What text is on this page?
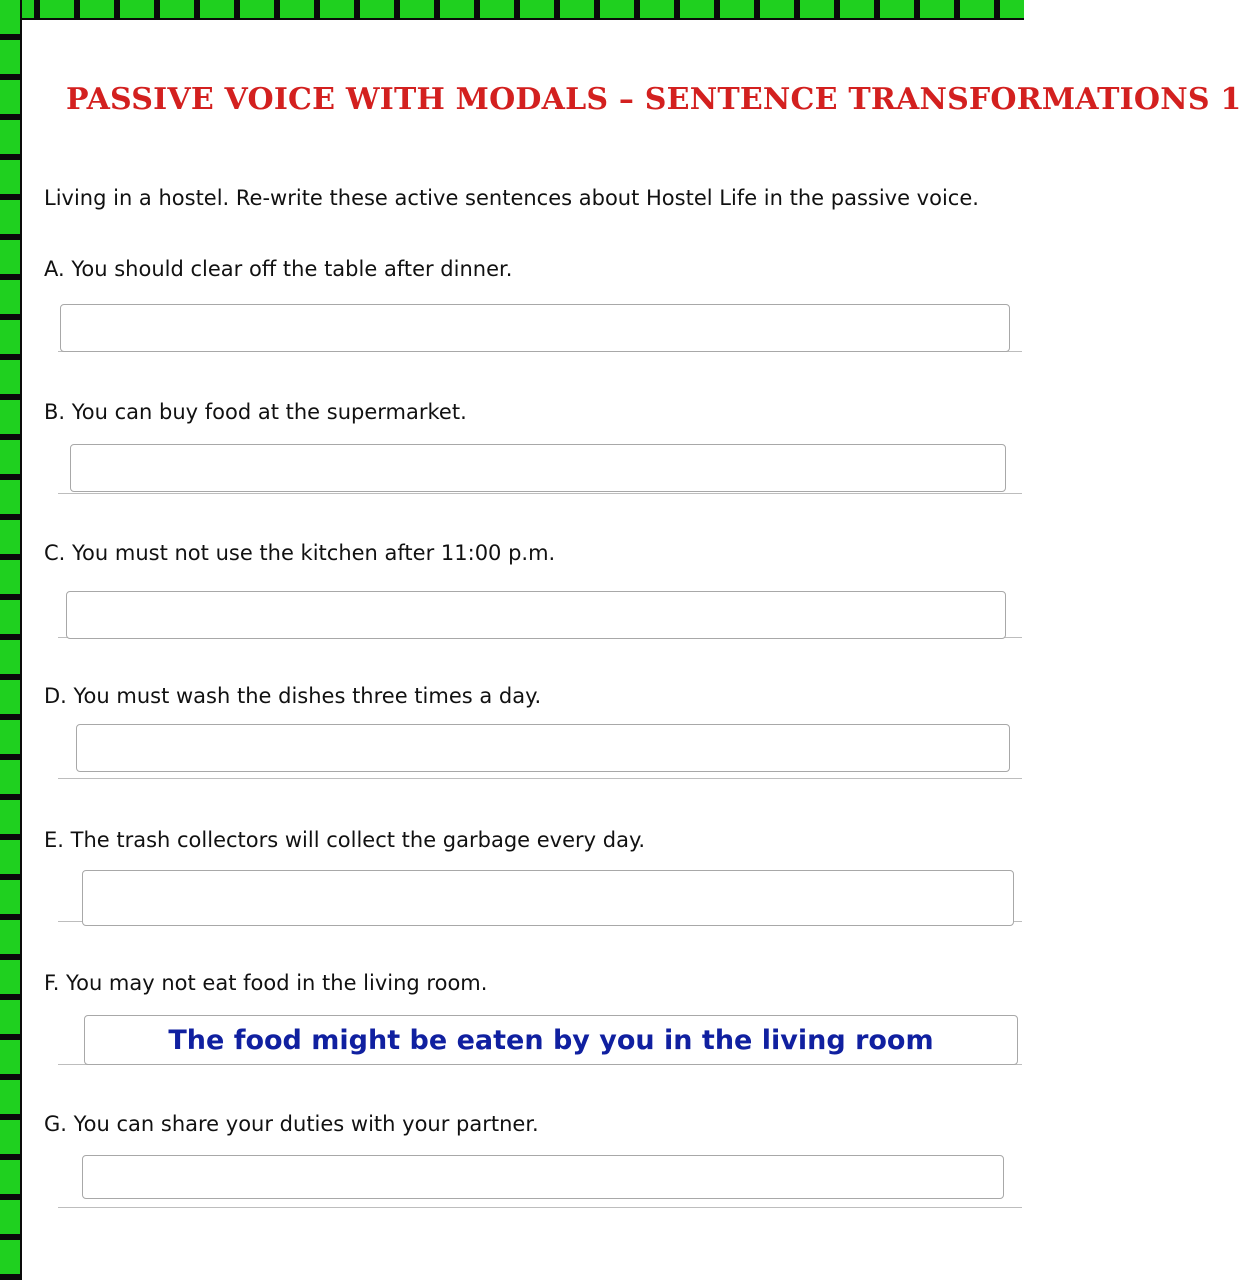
PASSIVE VOICE WITH MODALS – SENTENCE TRANSFORMATIONS 1
Living in a hostel. Re-write these active sentences about Hostel Life in the passive voice.
A. You should clear off the table after dinner.
B. You can buy food at the supermarket.
C. You must not use the kitchen after 11:00 p.m.
D. You must wash the dishes three times a day.
E. The trash collectors will collect the garbage every day.
F. You may not eat food in the living room.
The food might be eaten by you in the living room
G. You can share your duties with your partner.
